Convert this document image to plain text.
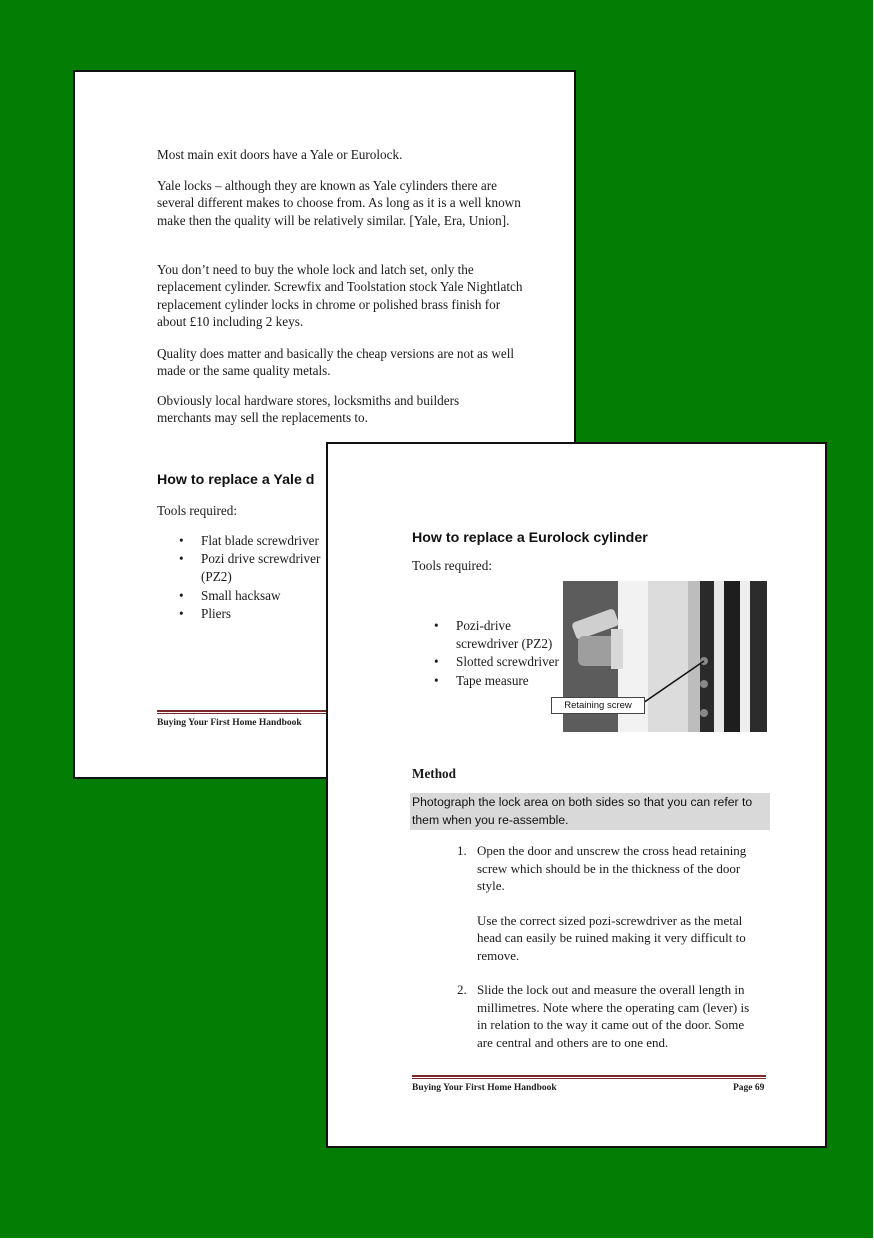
Most main exit doors have a Yale or Eurolock.

Yale locks – although they are known as Yale cylinders there are several different makes to choose from. As long as it is a well known make then the quality will be relatively similar. [Yale, Era, Union].

You don’t need to buy the whole lock and latch set, only the replacement cylinder. Screwfix and Toolstation stock Yale Nightlatch replacement cylinder locks in chrome or polished brass finish for about £10 including 2 keys.

Quality does matter and basically the cheap versions are not as well made or the same quality metals.

Obviously local hardware stores, locksmiths and builders merchants may sell the replacements to.

How to replace a Yale d

Tools required:

• Flat blade screwdriver
• Pozi drive screwdriver (PZ2)
• Small hacksaw
• Pliers
Buying Your First Home Handbook
How to replace a Eurolock cylinder

Tools required:

• Pozi-drive screwdriver (PZ2)
• Slotted screwdriver
• Tape measure
Retaining screw

Method

Photograph the lock area on both sides so that you can refer to them when you re-assemble.
1. Open the door and unscrew the cross head retaining screw which should be in the thickness of the door style.
Use the correct sized pozi-screwdriver as the metal head can easily be ruined making it very difficult to remove.
2. Slide the lock out and measure the overall length in millimetres. Note where the operating cam (lever) is in relation to the way it came out of the door. Some are central and others are to one end.
Buying Your First Home Handbook	Page 69
